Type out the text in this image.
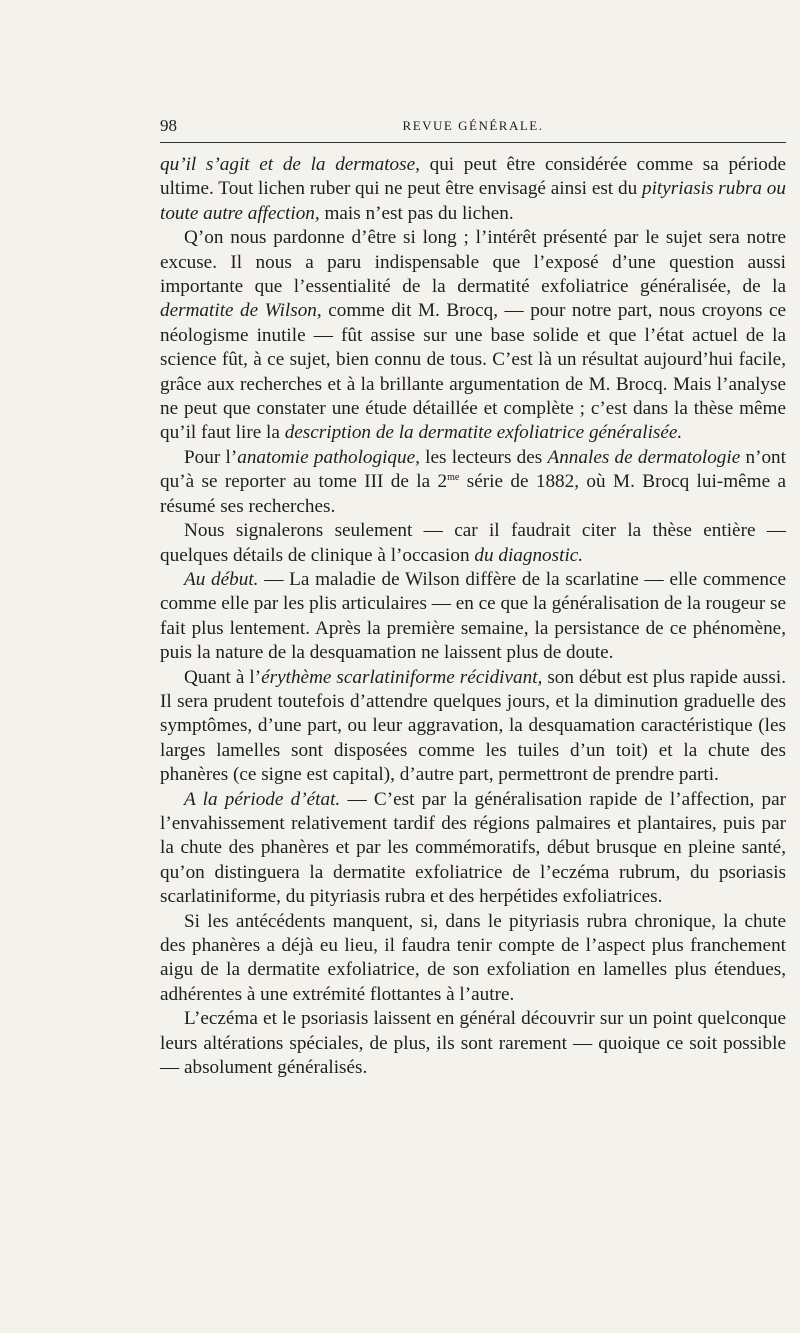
98	REVUE GÉNÉRALE.

qu’il s’agit et de la dermatose, qui peut être considérée comme sa période ultime. Tout lichen ruber qui ne peut être envisagé ainsi est du pityriasis rubra ou toute autre affection, mais n’est pas du lichen.

Q’on nous pardonne d’être si long ; l’intérêt présenté par le sujet sera notre excuse. Il nous a paru indispensable que l’exposé d’une question aussi importante que l’essentialité de la dermatité exfoliatrice généralisée, de la dermatite de Wilson, comme dit M. Brocq, — pour notre part, nous croyons ce néologisme inutile — fût assise sur une base solide et que l’état actuel de la science fût, à ce sujet, bien connu de tous. C’est là un résultat aujourd’hui facile, grâce aux recherches et à la brillante argumentation de M. Brocq. Mais l’analyse ne peut que constater une étude détaillée et complète ; c’est dans la thèse même qu’il faut lire la description de la dermatite exfoliatrice généralisée.

Pour l’anatomie pathologique, les lecteurs des Annales de dermatologie n’ont qu’à se reporter au tome III de la $2^{me}$ série de 1882, où M. Brocq lui-même a résumé ses recherches.

Nous signalerons seulement — car il faudrait citer la thèse entière — quelques détails de clinique à l’occasion du diagnostic.

Au début. — La maladie de Wilson diffère de la scarlatine — elle commence comme elle par les plis articulaires — en ce que la généralisation de la rougeur se fait plus lentement. Après la première semaine, la persistance de ce phénomène, puis la nature de la desquamation ne laissent plus de doute.

Quant à l’érythème scarlatiniforme récidivant, son début est plus rapide aussi. Il sera prudent toutefois d’attendre quelques jours, et la diminution graduelle des symptômes, d’une part, ou leur aggravation, la desquamation caractéristique (les larges lamelles sont disposées comme les tuiles d’un toit) et la chute des phanères (ce signe est capital), d’autre part, permettront de prendre parti.

A la période d’état. — C’est par la généralisation rapide de l’affection, par l’envahissement relativement tardif des régions palmaires et plantaires, puis par la chute des phanères et par les commémoratifs, début brusque en pleine santé, qu’on distinguera la dermatite exfoliatrice de l’eczéma rubrum, du psoriasis scarlatiniforme, du pityriasis rubra et des herpétides exfoliatrices.

Si les antécédents manquent, si, dans le pityriasis rubra chronique, la chute des phanères a déjà eu lieu, il faudra tenir compte de l’aspect plus franchement aigu de la dermatite exfoliatrice, de son exfoliation en lamelles plus étendues, adhérentes à une extrémité flottantes à l’autre.

L’eczéma et le psoriasis laissent en général découvrir sur un point quelconque leurs altérations spéciales, de plus, ils sont rarement — quoique ce soit possible — absolument généralisés.
